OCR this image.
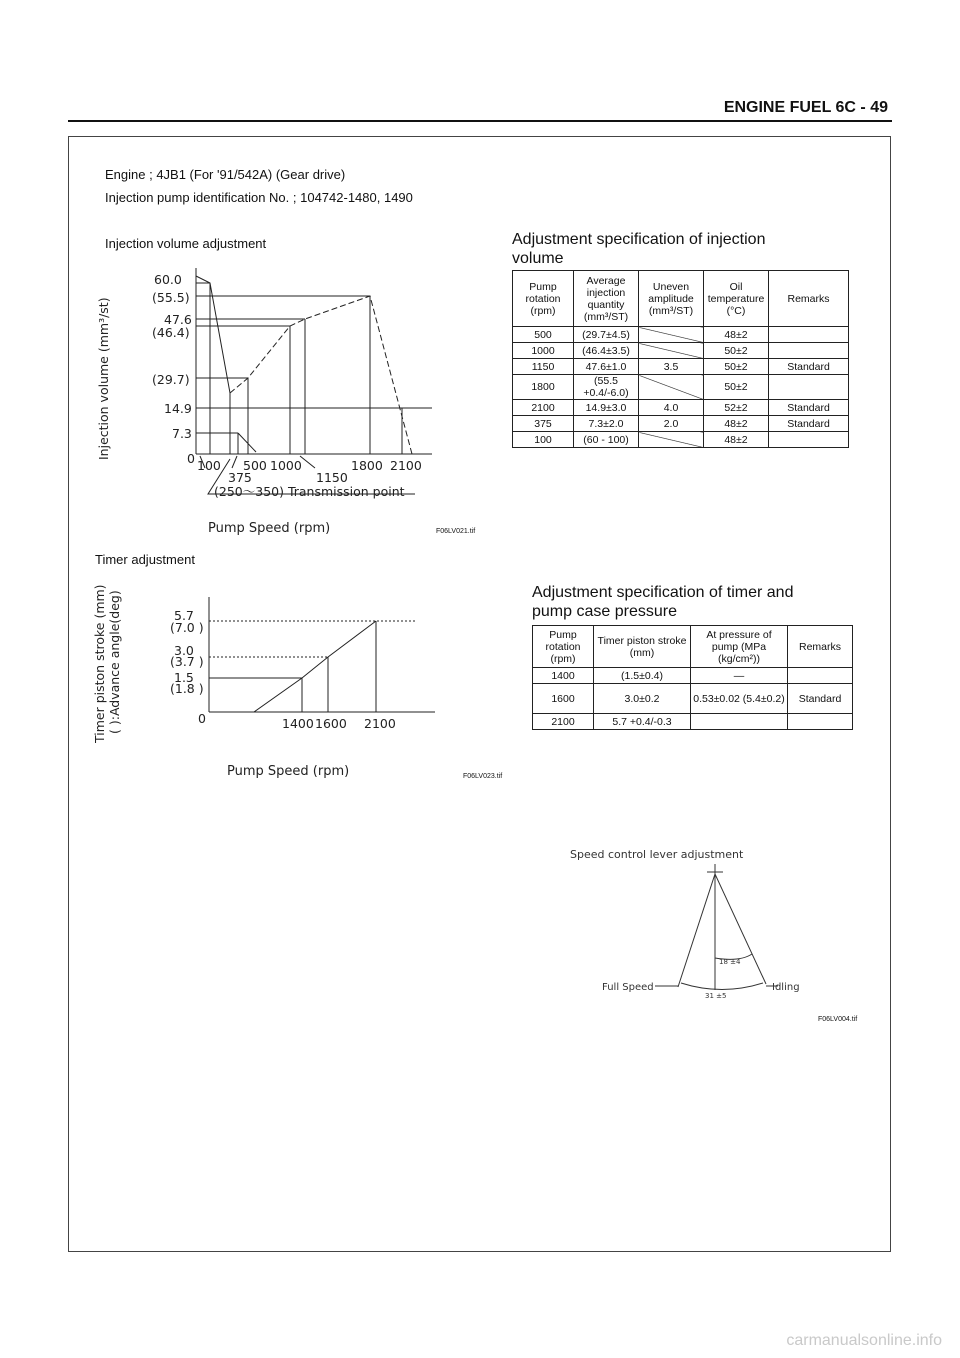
ENGINE FUEL 6C - 49
Engine ; 4JB1 (For '91/542A) (Gear drive)
Injection pump identification No. ; 104742-1480, 1490
Injection volume adjustment
60.0
(55.5)
47.6
(46.4)
(29.7)
14.9
7.3
0 100 500 1000	1800 2100
375	1150
(250～350) Transmission point
Pump Speed (rpm)
Injection volume (mm³/st)
F06LV021.tif
Timer adjustment
5.7
(7.0 )
3.0
(3.7 )
1.5
(1.8 )
0	1400 1600 2100
Pump Speed (rpm)
Timer piston stroke (mm) ( ):Advance angle(deg)
F06LV023.tif
Adjustment specification of injection volume
Pump rotation (rpm)	Average injection quantity (mm³/ST)	Uneven amplitude (mm³/ST)	Oil temperature (°C)	Remarks
500	(29.7±4.5)		48±2	
1000	(46.4±3.5)		50±2	
1150	47.6±1.0	3.5	50±2	Standard
1800	(55.5 +0.4/-6.0)		50±2	
2100	14.9±3.0	4.0	52±2	Standard
375	7.3±2.0	2.0	48±2	Standard
100	(60 - 100)		48±2	
Adjustment specification of timer and pump case pressure
Pump rotation (rpm)	Timer piston stroke (mm)	At pressure of pump (MPa (kg/cm²))	Remarks
1400	(1.5±0.4)	—	
1600	3.0±0.2	0.53±0.02 (5.4±0.2)	Standard
2100	5.7 +0.4/-0.3		
Speed control lever adjustment
Full Speed	Idling
18 ±4
31 ±5
F06LV004.tif
carmanualsonline.info
